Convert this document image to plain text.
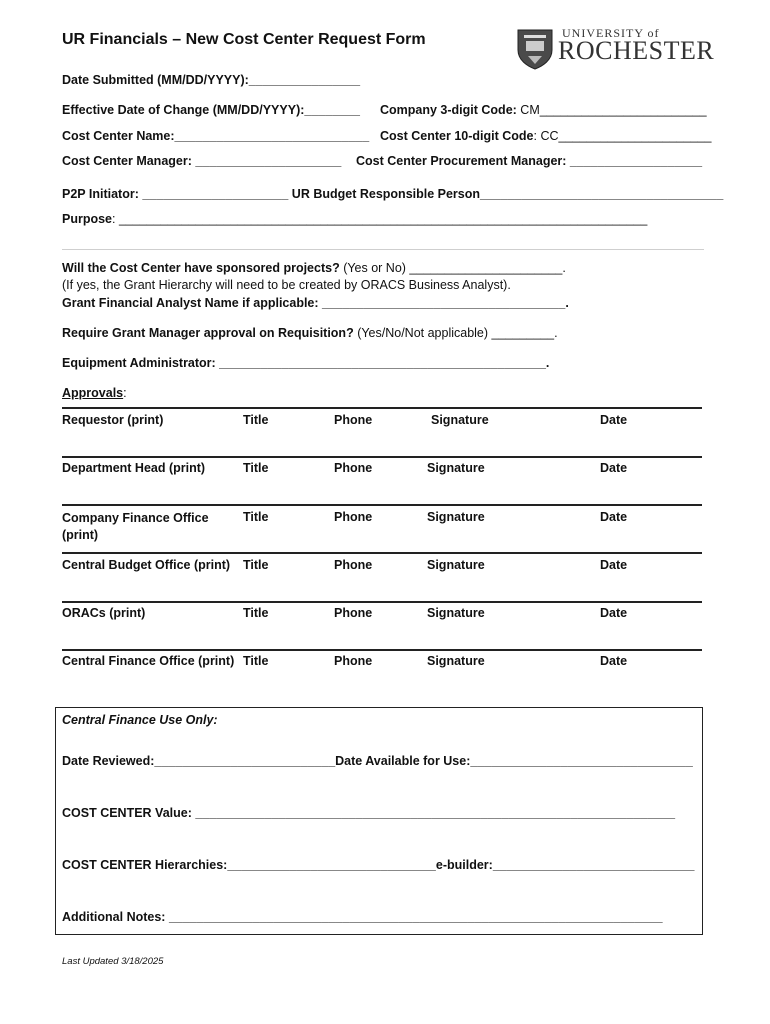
UR Financials – New Cost Center Request Form	UNIVERSITY of
ROCHESTER
Date Submitted (MM/DD/YYYY):________________
Effective Date of Change (MM/DD/YYYY):________ Company 3-digit Code: CM________________________
Cost Center Name:____________________________ Cost Center 10-digit Code: CC______________________
Cost Center Manager: _____________________ Cost Center Procurement Manager: ___________________
P2P Initiator: _____________________ UR Budget Responsible Person___________________________________
Purpose: ____________________________________________________________________________
Will the Cost Center have sponsored projects? (Yes or No) ______________________.
(If yes, the Grant Hierarchy will need to be created by ORACS Business Analyst).
Grant Financial Analyst Name if applicable: ___________________________________.
Require Grant Manager approval on Requisition? (Yes/No/Not applicable) _________.
Equipment Administrator: _______________________________________________.
Approvals:
Requestor (print)	Title	Phone	Signature	Date
Department Head (print)	Title	Phone	Signature	Date
Company Finance Office (print)
Title	Phone	Signature	Date
Central Budget Office (print) Title	Phone	Signature	Date
ORACs (print)	Title	Phone	Signature	Date
Central Finance Office (print) Title	Phone	Signature	Date
Central Finance Use Only:
Date Reviewed:__________________________Date Available for Use:________________________________
COST CENTER Value: _____________________________________________________________________
COST CENTER Hierarchies:______________________________e-builder:_____________________________
Additional Notes: _______________________________________________________________________
Last Updated 3/18/2025
